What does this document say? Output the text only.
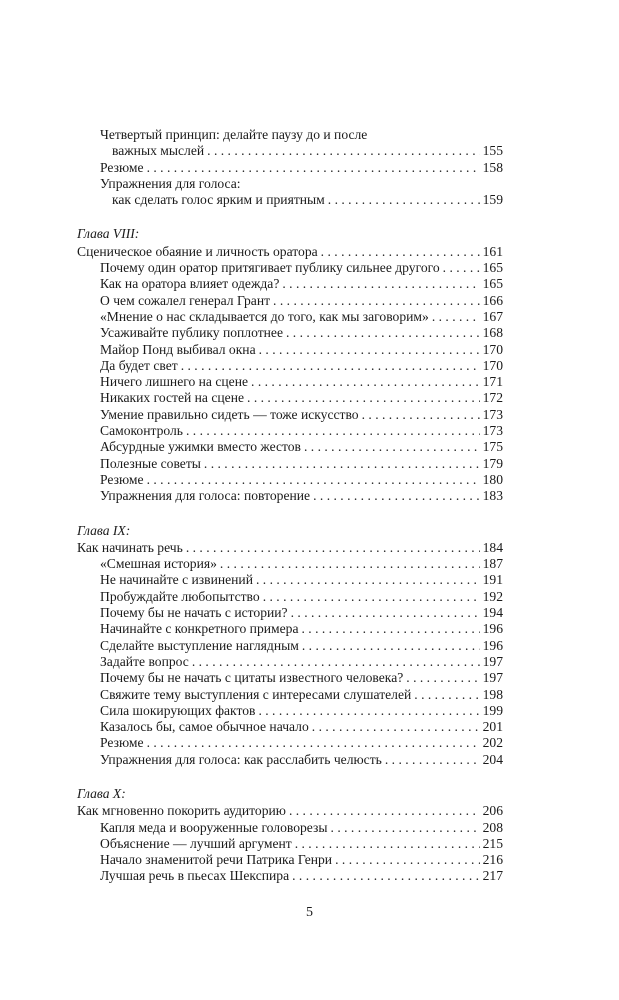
Четвертый принцип: делайте паузу до и после
важных мыслей . . .	155
Резюме . . .	158
Упражнения для голоса:
как сделать голос ярким и приятным . . .	159
Глава VIII:
Сценическое обаяние и личность оратора . . .	161
Почему один оратор притягивает публику сильнее другого . . .	165
Как на оратора влияет одежда? . . .	165
О чем сожалел генерал Грант . . .	166
«Мнение о нас складывается до того, как мы заговорим» . . .	167
Усаживайте публику поплотнее . . .	168
Майор Понд выбивал окна . . .	170
Да будет свет . . .	170
Ничего лишнего на сцене . . .	171
Никаких гостей на сцене . . .	172
Умение правильно сидеть — тоже искусство . . .	173
Самоконтроль . . .	173
Абсурдные ужимки вместо жестов . . .	175
Полезные советы . . .	179
Резюме . . .	180
Упражнения для голоса: повторение . . .	183
Глава IX:
Как начинать речь . . .	184
«Смешная история» . . .	187
Не начинайте с извинений . . .	191
Пробуждайте любопытство . . .	192
Почему бы не начать с истории? . . .	194
Начинайте с конкретного примера . . .	196
Сделайте выступление наглядным . . .	196
Задайте вопрос . . .	197
Почему бы не начать с цитаты известного человека? . . .	197
Свяжите тему выступления с интересами слушателей . . .	198
Сила шокирующих фактов . . .	199
Казалось бы, самое обычное начало . . .	201
Резюме . . .	202
Упражнения для голоса: как расслабить челюсть . . .	204
Глава X:
Как мгновенно покорить аудиторию . . .	206
Капля меда и вооруженные головорезы . . .	208
Объяснение — лучший аргумент . . .	215
Начало знаменитой речи Патрика Генри . . .	216
Лучшая речь в пьесах Шекспира . . .	217
5
